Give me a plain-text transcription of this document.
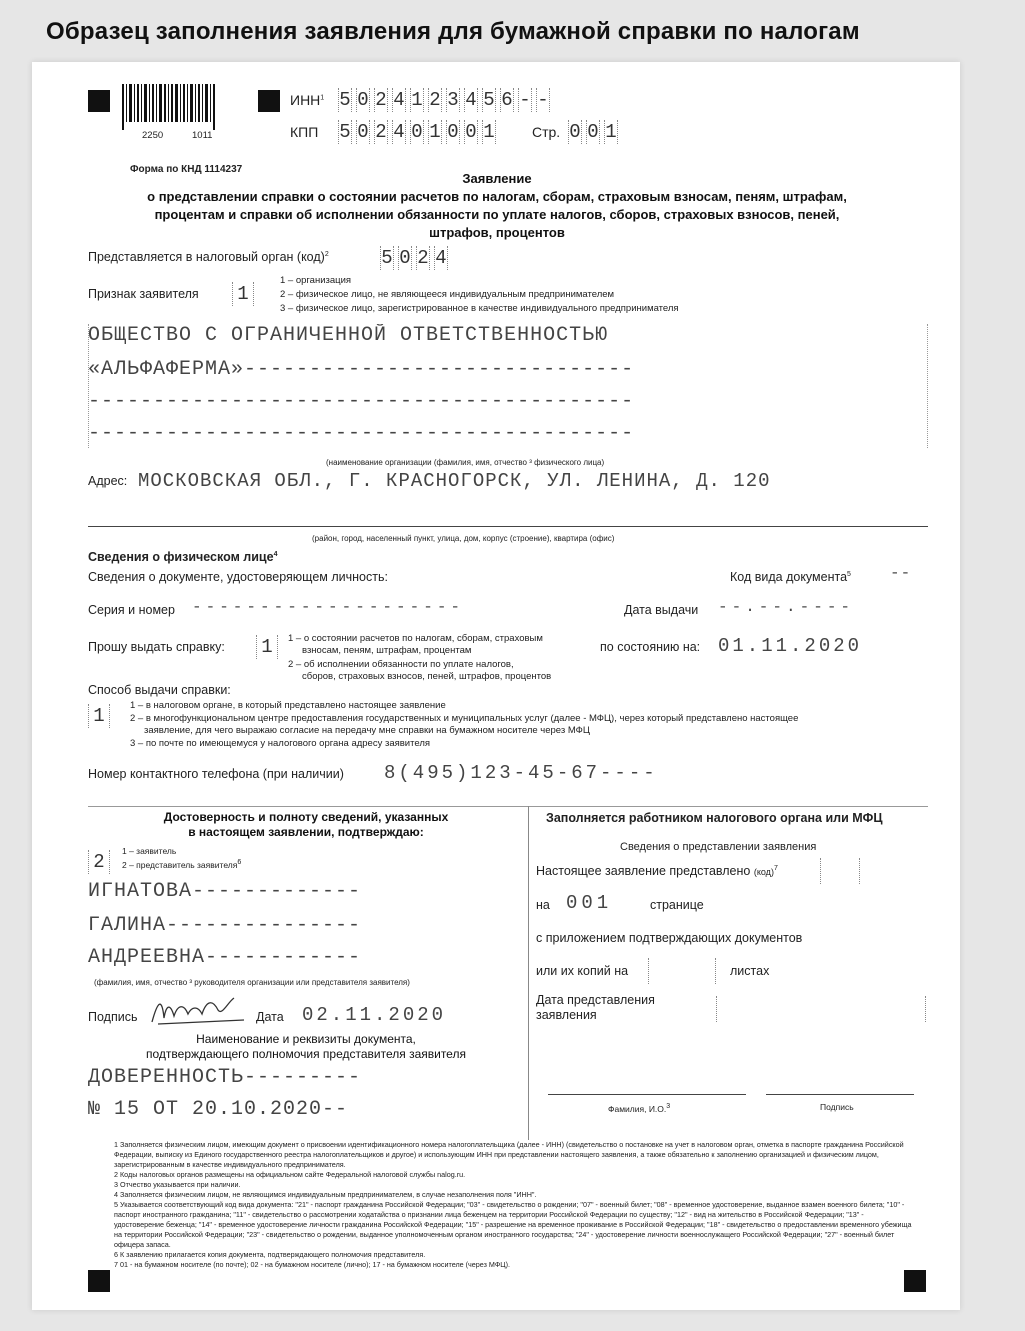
Образец заполнения заявления для бумажной справки по налогам
2250	1011
ИНН$^1$ 5 0 2 4 1 2 3 4 5 6 - -
КПП 5 0 2 4 0 1 0 0 1	Стр. 0 0 1
Форма по КНД 1114237
Заявление
о представлении справки о состоянии расчетов по налогам, сборам, страховым взносам, пеням, штрафам,
процентам и справки об исполнении обязанности по уплате налогов, сборов, страховых взносов, пеней,
штрафов, процентов
Представляется в налоговый орган (код)$^2$	5 0 2 4
Признак заявителя 1
1 – организация
2 – физическое лицо, не являющееся индивидуальным предпринимателем
3 – физическое лицо, зарегистрированное в качестве индивидуального предпринимателя
ОБЩЕСТВО С ОГРАНИЧЕННОЙ ОТВЕТСТВЕННОСТЬЮ
«АЛЬФАФЕРМА»------------------------------
------------------------------------------
------------------------------------------
(наименование организации (фамилия, имя, отчество ³ физического лица)
Адрес: МОСКОВСКАЯ ОБЛ., Г. КРАСНОГОРСК, УЛ. ЛЕНИНА, Д. 120
(район, город, населенный пункт, улица, дом, корпус (строение), квартира (офис)
Сведения о физическом лице$^4$
Сведения о документе, удостоверяющем личность:	Код вида документа$^5$ --
Серия и номер --------------------	Дата выдачи --.--.----
Прошу выдать справку: 1	1 – о состоянии расчетов по налогам, сборам, страховым
взносам, пеням, штрафам, процентам
2 – об исполнении обязанности по уплате налогов,
сборов, страховых взносов, пеней, штрафов, процентов
по состоянию на: 01.11.2020
Способ выдачи справки:
1	1 – в налоговом органе, в который представлено настоящее заявление
2 – в многофункциональном центре предоставления государственных и муниципальных услуг (далее - МФЦ), через который представлено настоящее
заявление, для чего выражаю согласие на передачу мне справки на бумажном носителе через МФЦ
3 – по почте по имеющемуся у налогового органа адресу заявителя
Номер контактного телефона (при наличии) 8(495)123-45-67----
Достоверность и полноту сведений, указанных
в настоящем заявлении, подтверждаю:
2	1 – заявитель
2 – представитель заявителя$^6$
ИГНАТОВА-------------
ГАЛИНА---------------
АНДРЕЕВНА------------
(фамилия, имя, отчество ³ руководителя организации или представителя заявителя)
Подпись	Дата 02.11.2020
Наименование и реквизиты документа,
подтверждающего полномочия представителя заявителя
ДОВЕРЕННОСТЬ---------
№ 15 ОТ 20.10.2020--
Заполняется работником налогового органа или МФЦ
Сведения о представлении заявления
Настоящее заявление представлено (код)$^7$
на 001	странице
с приложением подтверждающих документов
или их копий на	листах
Дата представления
заявления
Фамилия, И.О.$^3$	Подпись
1 Заполняется физическим лицом, имеющим документ о присвоении идентификационного номера налогоплательщика (далее - ИНН) (свидетельство о постановке на учет в налоговом орган, отметка в паспорте гражданина Российской Федерации, выписку из Единого государственного реестра налогоплательщиков и другое) и использующим ИНН при представлении настоящего заявления, а также обязательно к заполнению организацией и физическим лицом, зарегистрированным в качестве индивидуального предпринимателя.
2 Коды налоговых органов размещены на официальном сайте Федеральной налоговой службы nalog.ru.
3 Отчество указывается при наличии.
4 Заполняется физическим лицом, не являющимся индивидуальным предпринимателем, в случае незаполнения поля "ИНН".
5 Указывается соответствующий код вида документа: "21" - паспорт гражданина Российской Федерации; "03" - свидетельство о рождении; "07" - военный билет; "08" - временное удостоверение, выданное взамен военного билета; "10" - паспорт иностранного гражданина; "11" - свидетельство о рассмотрении ходатайства о признании лица беженцем на территории Российской Федерации по существу; "12" - вид на жительство в Российской Федерации; "13" - удостоверение беженца; "14" - временное удостоверение личности гражданина Российской Федерации; "15" - разрешение на временное проживание в Российской Федерации; "18" - свидетельство о предоставлении временного убежища на территории Российской Федерации; "23" - свидетельство о рождении, выданное уполномоченным органом иностранного государства; "24" - удостоверение личности военнослужащего Российской Федерации; "27" - военный билет офицера запаса.
6 К заявлению прилагается копия документа, подтверждающего полномочия представителя.
7 01 - на бумажном носителе (по почте); 02 - на бумажном носителе (лично); 17 - на бумажном носителе (через МФЦ).
